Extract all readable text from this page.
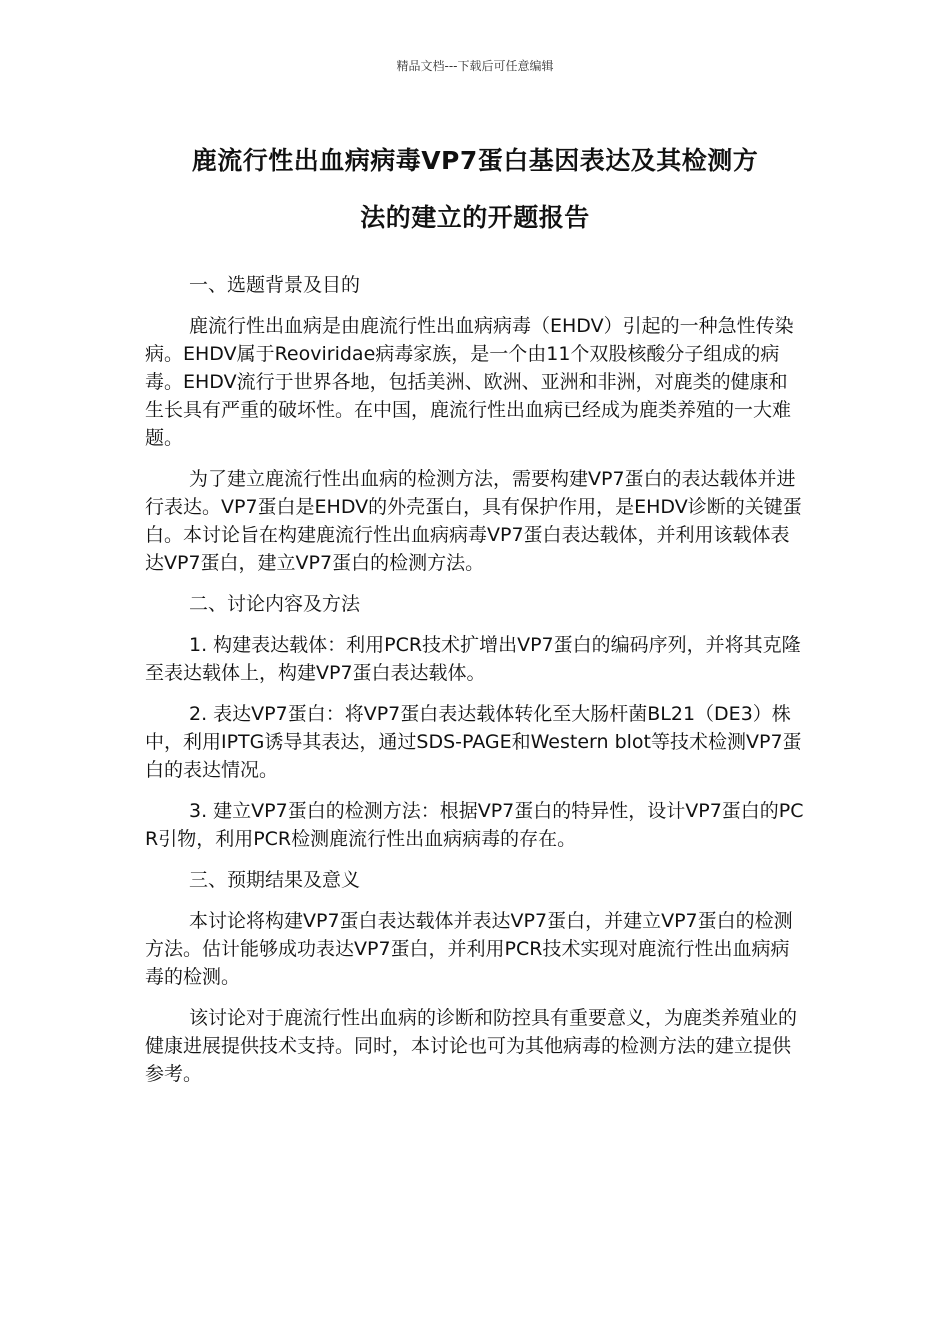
精品文档---下载后可任意编辑
鹿流行性出血病病毒VP7蛋白基因表达及其检测方
法的建立的开题报告

一、选题背景及目的

鹿流行性出血病是由鹿流行性出血病病毒（EHDV）引起的一种急性传染病。EHDV属于Reoviridae病毒家族，是一个由11个双股核酸分子组成的病毒。EHDV流行于世界各地，包括美洲、欧洲、亚洲和非洲，对鹿类的健康和生长具有严重的破坏性。在中国，鹿流行性出血病已经成为鹿类养殖的一大难题。

为了建立鹿流行性出血病的检测方法，需要构建VP7蛋白的表达载体并进行表达。VP7蛋白是EHDV的外壳蛋白，具有保护作用，是EHDV诊断的关键蛋白。本讨论旨在构建鹿流行性出血病病毒VP7蛋白表达载体，并利用该载体表达VP7蛋白，建立VP7蛋白的检测方法。

二、讨论内容及方法

1. 构建表达载体：利用PCR技术扩增出VP7蛋白的编码序列，并将其克隆至表达载体上，构建VP7蛋白表达载体。

2. 表达VP7蛋白：将VP7蛋白表达载体转化至大肠杆菌BL21（DE3）株中，利用IPTG诱导其表达，通过SDS-PAGE和Western blot等技术检测VP7蛋白的表达情况。

3. 建立VP7蛋白的检测方法：根据VP7蛋白的特异性，设计VP7蛋白的PCR引物，利用PCR检测鹿流行性出血病病毒的存在。

三、预期结果及意义

本讨论将构建VP7蛋白表达载体并表达VP7蛋白，并建立VP7蛋白的检测方法。估计能够成功表达VP7蛋白，并利用PCR技术实现对鹿流行性出血病病毒的检测。

该讨论对于鹿流行性出血病的诊断和防控具有重要意义，为鹿类养殖业的健康进展提供技术支持。同时，本讨论也可为其他病毒的检测方法的建立提供参考。
